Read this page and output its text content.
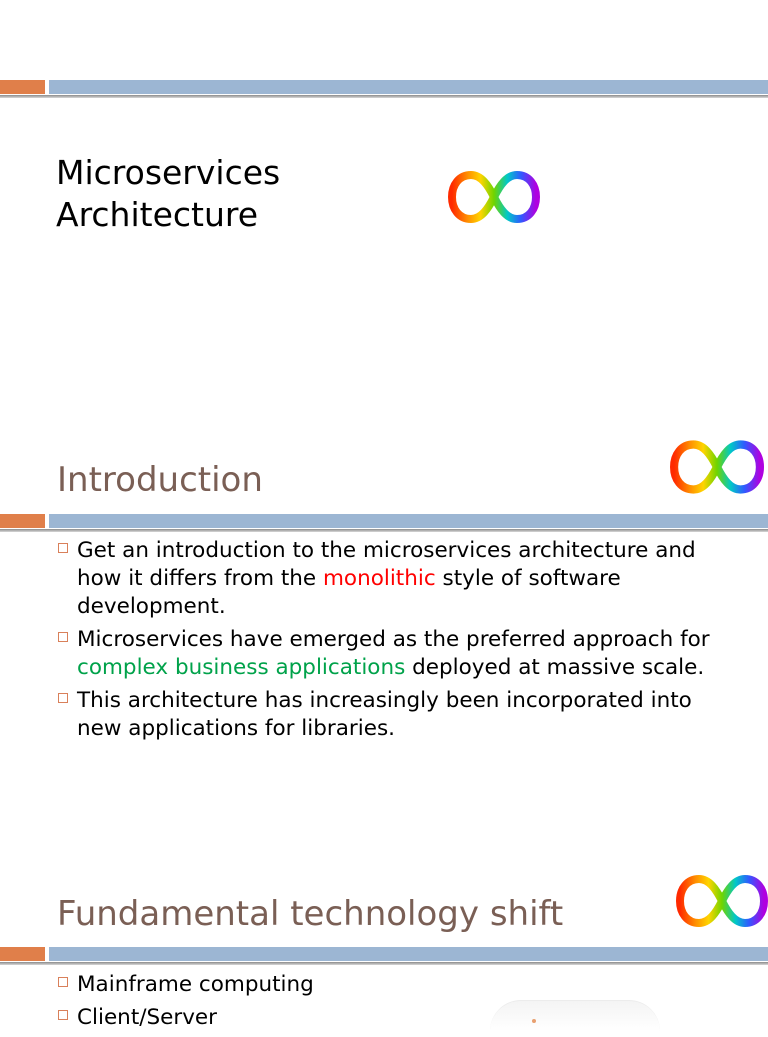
Microservices
Architecture
Introduction
Get an introduction to the microservices architecture and how it differs from the monolithic style of software development.
Microservices have emerged as the preferred approach for complex business applications deployed at massive scale.
This architecture has increasingly been incorporated into new applications for libraries.
Fundamental technology shift
Mainframe computing
Client/Server
